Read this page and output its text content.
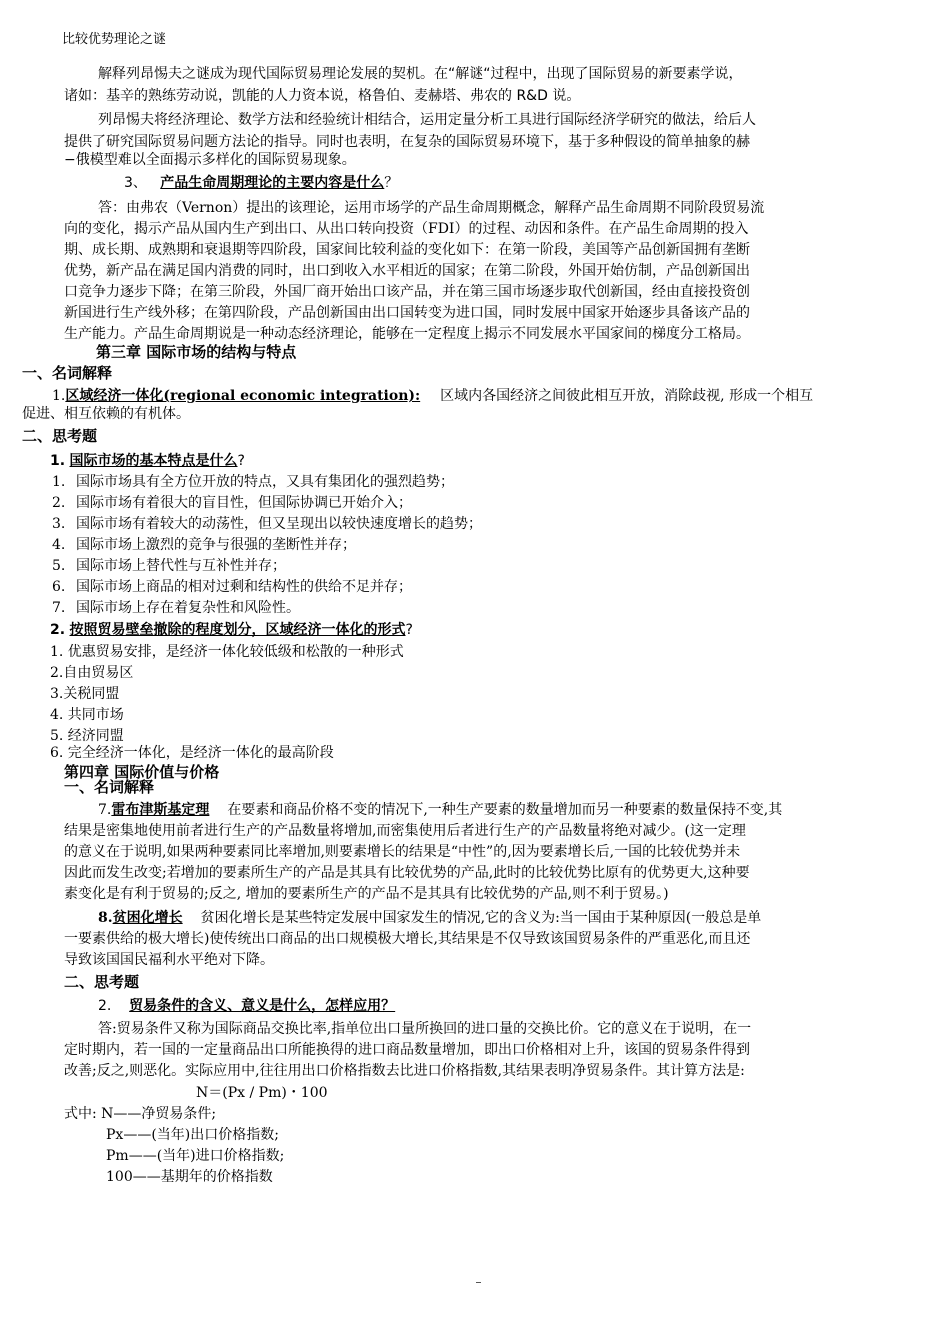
比较优势理论之谜
解释列昂惕夫之谜成为现代国际贸易理论发展的契机。在“解谜“过程中，出现了国际贸易的新要素学说，
诸如：基辛的熟练劳动说，凯能的人力资本说，格鲁伯、麦赫塔、弗农的 R&D 说。
列昂惕夫将经济理论、数学方法和经验统计相结合，运用定量分析工具进行国际经济学研究的做法，给后人
提供了研究国际贸易问题方法论的指导。同时也表明，在复杂的国际贸易环境下，基于多种假设的简单抽象的赫
−俄模型难以全面揭示多样化的国际贸易现象。
3、 产品生命周期理论的主要内容是什么？
答：由弗农（Vernon）提出的该理论，运用市场学的产品生命周期概念，解释产品生命周期不同阶段贸易流
向的变化，揭示产品从国内生产到出口、从出口转向投资（FDI）的过程、动因和条件。在产品生命周期的投入
期、成长期、成熟期和衰退期等四阶段，国家间比较利益的变化如下：在第一阶段，美国等产品创新国拥有垄断
优势，新产品在满足国内消费的同时，出口到收入水平相近的国家；在第二阶段，外国开始仿制，产品创新国出
口竞争力逐步下降；在第三阶段，外国厂商开始出口该产品，并在第三国市场逐步取代创新国，经由直接投资创
新国进行生产线外移；在第四阶段，产品创新国由出口国转变为进口国，同时发展中国家开始逐步具备该产品的
生产能力。产品生命周期说是一种动态经济理论，能够在一定程度上揭示不同发展水平国家间的梯度分工格局。
第三章 国际市场的结构与特点
一、名词解释
1.区域经济一体化(regional economic integration): 区域内各国经济之间彼此相互开放，消除歧视, 形成一个相互
促进、相互依赖的有机体。
二、思考题
1. 国际市场的基本特点是什么?
1. 国际市场具有全方位开放的特点，又具有集团化的强烈趋势；
2. 国际市场有着很大的盲目性，但国际协调已开始介入；
3. 国际市场有着较大的动荡性，但又呈现出以较快速度增长的趋势；
4. 国际市场上激烈的竞争与很强的垄断性并存；
5. 国际市场上替代性与互补性并存；
6. 国际市场上商品的相对过剩和结构性的供给不足并存；
7. 国际市场上存在着复杂性和风险性。
2. 按照贸易壁垒撤除的程度划分，区域经济一体化的形式?
1. 优惠贸易安排，是经济一体化较低级和松散的一种形式
2.自由贸易区
3.关税同盟
4. 共同市场
5. 经济同盟
6. 完全经济一体化，是经济一体化的最高阶段
第四章 国际价值与价格
一、名词解释
7.雷布津斯基定理 在要素和商品价格不变的情况下,一种生产要素的数量增加而另一种要素的数量保持不变,其
结果是密集地使用前者进行生产的产品数量将增加,而密集使用后者进行生产的产品数量将绝对减少。(这一定理
的意义在于说明,如果两种要素同比率增加,则要素增长的结果是“中性”的,因为要素增长后,一国的比较优势并未
因此而发生改变;若增加的要素所生产的产品是其具有比较优势的产品,此时的比较优势比原有的优势更大,这种要
素变化是有利于贸易的;反之, 增加的要素所生产的产品不是其具有比较优势的产品,则不利于贸易。)
8.贫困化增长 贫困化增长是某些特定发展中国家发生的情况,它的含义为:当一国由于某种原因(一般总是单
一要素供给的极大增长)使传统出口商品的出口规模极大增长,其结果是不仅导致该国贸易条件的严重恶化,而且还
导致该国国民福利水平绝对下降。
二、思考题
2. 贸易条件的含义、意义是什么，怎样应用？
答:贸易条件又称为国际商品交换比率,指单位出口量所换回的进口量的交换比价。它的意义在于说明，在一
定时期内，若一国的一定量商品出口所能换得的进口商品数量增加，即出口价格相对上升，该国的贸易条件得到
改善;反之,则恶化。实际应用中,往往用出口价格指数去比进口价格指数,其结果表明净贸易条件。其计算方法是:
N＝(Px / Pm)・100
式中: N——净贸易条件;
Px——(当年)出口价格指数;
Pm——(当年)进口价格指数;
100——基期年的价格指数
